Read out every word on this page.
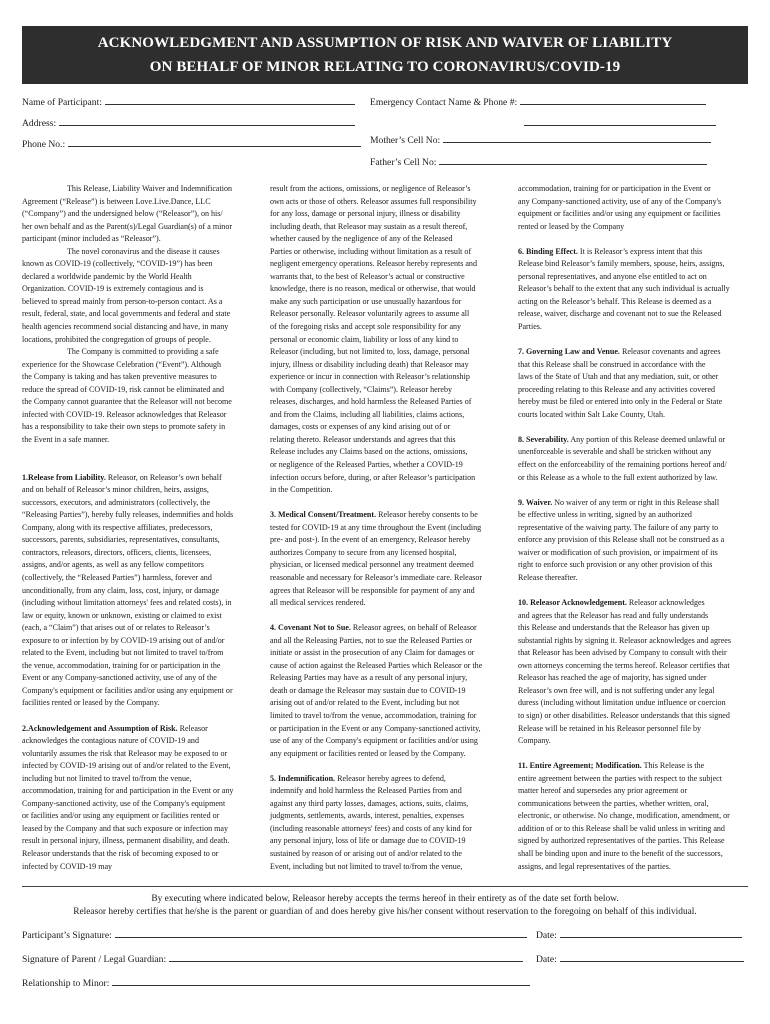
ACKNOWLEDGMENT AND ASSUMPTION OF RISK AND WAIVER OF LIABILITY
ON BEHALF OF MINOR RELATING TO CORONAVIRUS/COVID-19
Name of Participant:	Emergency Contact Name & Phone #:
Address:
Phone No.:	Mother’s Cell No:
Father’s Cell No:

This Release, Liability Waiver and Indemnification

Agreement (“Release”) is between Love.Live.Dance, LLC

(“Company”) and the undersigned below (“Releasor”), on his/

her own behalf and as the Parent(s)/Legal Guardian(s) of a minor

participant (minor included as “Releasor”).

The novel coronavirus and the disease it causes

known as COVID-19 (collectively, “COVID-19”) has been

declared a worldwide pandemic by the World Health

Organization. COVID-19 is extremely contagious and is

believed to spread mainly from person-to-person contact. As a

result, federal, state, and local governments and federal and state

health agencies recommend social distancing and have, in many

locations, prohibited the congregation of groups of people.

The Company is committed to providing a safe

experience for the Showcase Celebration (“Event”). Although

the Company is taking and has taken preventive measures to

reduce the spread of COVID-19, risk cannot be eliminated and

the Company cannot guarantee that the Releasor will not become

infected with COVID-19. Releasor acknowledges that Releasor

has a responsibility to take their own steps to promote safety in

the Event in a safe manner.

1.Release from Liability. Releasor, on Releasor’s own behalf

and on behalf of Releasor’s minor children, heirs, assigns,

successors, executors, and administrators (collectively, the

“Releasing Parties”), hereby fully releases, indemnifies and holds

Company, along with its respective affiliates, predecessors,

successors, parents, subsidiaries, representatives, consultants,

contractors, releasors, directors, officers, clients, licensees,

assigns, and/or agents, as well as any fellow competitors

(collectively, the “Released Parties”) harmless, forever and

unconditionally, from any claim, loss, cost, injury, or damage

(including without limitation attorneys' fees and related costs), in

law or equity, known or unknown, existing or claimed to exist

(each, a “Claim”) that arises out of or relates to Releasor’s

exposure to or infection by by COVID-19 arising out of and/or

related to the Event, including but not limited to travel to/from

the venue, accommodation, training for or participation in the

Event or any Company-sanctioned activity, use of any of the

Company's equipment or facilities and/or using any equipment or

facilities rented or leased by the Company.

2.Acknowledgement and Assumption of Risk. Releasor

acknowledges the contagious nature of COVID-19 and

voluntarily assumes the risk that Releasor may be exposed to or

infected by COVID-19 arising out of and/or related to the Event,

including but not limited to travel to/from the venue,

accommodation, training for and participation in the Event or any

Company-sanctioned activity, use of the Company's equipment

or facilities and/or using any equipment or facilities rented or

leased by the Company and that such exposure or infection may

result in personal injury, illness, permanent disability, and death.

Releasor understands that the risk of becoming exposed to or

infected by COVID-19 may

result from the actions, omissions, or negligence of Releasor’s

own acts or those of others. Releasor assumes full responsibility

for any loss, damage or personal injury, illness or disability

including death, that Releasor may sustain as a result thereof,

whether caused by the negligence of any of the Released

Parties or otherwise, including without limitation as a result of

negligent emergency operations. Releasor hereby represents and

warrants that, to the best of Releasor’s actual or constructive

knowledge, there is no reason, medical or otherwise, that would

make any such participation or use unusually hazardous for

Releasor personally. Releasor voluntarily agrees to assume all

of the foregoing risks and accept sole responsibility for any

personal or economic claim, liability or loss of any kind to

Releasor (including, but not limited to, loss, damage, personal

injury, illness or disability including death) that Releasor may

experience or incur in connection with Releasor’s relationship

with Company (collectively, “Claims”). Releasor hereby

releases, discharges, and hold harmless the Released Parties of

and from the Claims, including all liabilities, claims actions,

damages, costs or expenses of any kind arising out of or

relating thereto. Releasor understands and agrees that this

Release includes any Claims based on the actions, omissions,

or negligence of the Released Parties, whether a COVID-19

infection occurs before, during, or after Releasor’s participation

in the Competition.

3. Medical Consent/Treatment. Releasor hereby consents to be

tested for COVID-19 at any time throughout the Event (including

pre- and post-). In the event of an emergency, Releasor hereby

authorizes Company to secure from any licensed hospital,

physician, or licensed medical personnel any treatment deemed

reasonable and necessary for Releasor’s immediate care. Releasor

agrees that Releasor will be responsible for payment of any and

all medical services rendered.

4. Covenant Not to Sue. Releasor agrees, on behalf of Releasor

and all the Releasing Parties, not to sue the Released Parties or

initiate or assist in the prosecution of any Claim for damages or

cause of action against the Released Parties which Releasor or the

Releasing Parties may have as a result of any personal injury,

death or damage the Releasor may sustain due to COVID-19

arising out of and/or related to the Event, including but not

limited to travel to/from the venue, accommodation, training for

or participation in the Event or any Company-sanctioned activity,

use of any of the Company's equipment or facilities and/or using

any equipment or facilities rented or leased by the Company.

5. Indemnification. Releasor hereby agrees to defend,

indemnify and hold harmless the Released Parties from and

against any third party losses, damages, actions, suits, claims,

judgments, settlements, awards, interest, penalties, expenses

(including reasonable attorneys' fees) and costs of any kind for

any personal injury, loss of life or damage due to COVID-19

sustained by reason of or arising out of and/or related to the

Event, including but not limited to travel to/from the venue,

accommodation, training for or participation in the Event or

any Company-sanctioned activity, use of any of the Company's

equipment or facilities and/or using any equipment or facilities

rented or leased by the Company

6. Binding Effect. It is Releasor’s express intent that this

Release bind Releasor’s family members, spouse, heirs, assigns,

personal representatives, and anyone else entitled to act on

Releasor’s behalf to the extent that any such individual is actually

acting on the Releasor’s behalf. This Release is deemed as a

release, waiver, discharge and covenant not to sue the Released

Parties.

7. Governing Law and Venue. Releasor covenants and agrees

that this Release shall be construed in accordance with the

laws of the State of Utah and that any mediation, suit, or other

proceeding relating to this Release and any activities covered

hereby must be filed or entered into only in the Federal or State

courts located within Salt Lake County, Utah.

8. Severability. Any portion of this Release deemed unlawful or

unenforceable is severable and shall be stricken without any

effect on the enforceability of the remaining portions hereof and/

or this Release as a whole to the full extent authorized by law.

9. Waiver. No waiver of any term or right in this Release shall

be effective unless in writing, signed by an authorized

representative of the waiving party. The failure of any party to

enforce any provision of this Release shall not be construed as a

waiver or modification of such provision, or impairment of its

right to enforce such provision or any other provision of this

Release thereafter.

10. Releasor Acknowledgement. Releasor acknowledges

and agrees that the Releasor has read and fully understands

this Release and understands that the Releasor has given up

substantial rights by signing it. Releasor acknowledges and agrees

that Releasor has been advised by Company to consult with their

own attorneys concerning the terms hereof. Releasor certifies that

Releasor has reached the age of majority, has signed under

Releasor’s own free will, and is not suffering under any legal

duress (including without limitation undue influence or coercion

to sign) or other disabilities. Releasor understands that this signed

Release will be retained in his Releasor personnel file by

Company.

11. Entire Agreement; Modification. This Release is the

entire agreement between the parties with respect to the subject

matter hereof and supersedes any prior agreement or

communications between the parties, whether written, oral,

electronic, or otherwise. No change, modification, amendment, or

addition of or to this Release shall be valid unless in writing and

signed by authorized representatives of the parties. This Release

shall be binding upon and inure to the benefit of the successors,

assigns, and legal representatives of the parties.

By executing where indicated below, Releasor hereby accepts the terms hereof in their entirety as of the date set forth below.
Releasor hereby certifies that he/she is the parent or guardian of and does hereby give his/her consent without reservation to the foregoing on behalf of this individual.
Participant’s Signature:	Date:
Signature of Parent / Legal Guardian:	Date:
Relationship to Minor:
